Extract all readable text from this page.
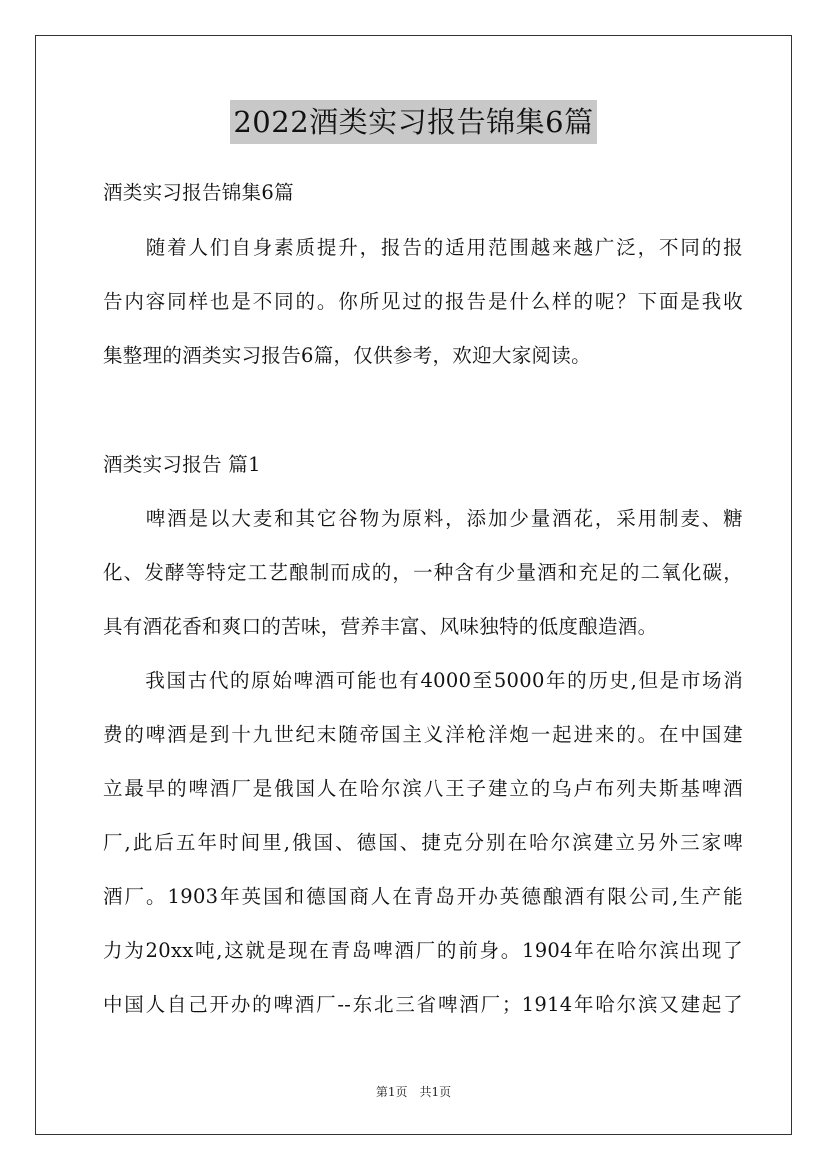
2022酒类实习报告锦集6篇
酒类实习报告锦集6篇
　　随着人们自身素质提升，报告的适用范围越来越广泛，不同的报
告内容同样也是不同的。你所见过的报告是什么样的呢？下面是我收
集整理的酒类实习报告6篇，仅供参考，欢迎大家阅读。
酒类实习报告 篇1
　　啤酒是以大麦和其它谷物为原料，添加少量酒花，采用制麦、糖
化、发酵等特定工艺酿制而成的，一种含有少量酒和充足的二氧化碳，
具有酒花香和爽口的苦味，营养丰富、风味独特的低度酿造酒。
　　我国古代的原始啤酒可能也有4000至5000年的历史,但是市场消
费的啤酒是到十九世纪末随帝国主义洋枪洋炮一起进来的。在中国建
立最早的啤酒厂是俄国人在哈尔滨八王子建立的乌卢布列夫斯基啤酒
厂,此后五年时间里,俄国、德国、捷克分别在哈尔滨建立另外三家啤
酒厂。1903年英国和德国商人在青岛开办英德酿酒有限公司,生产能
力为20xx吨,这就是现在青岛啤酒厂的前身。1904年在哈尔滨出现了
中国人自己开办的啤酒厂--东北三省啤酒厂；1914年哈尔滨又建起了
第1页　共1页
